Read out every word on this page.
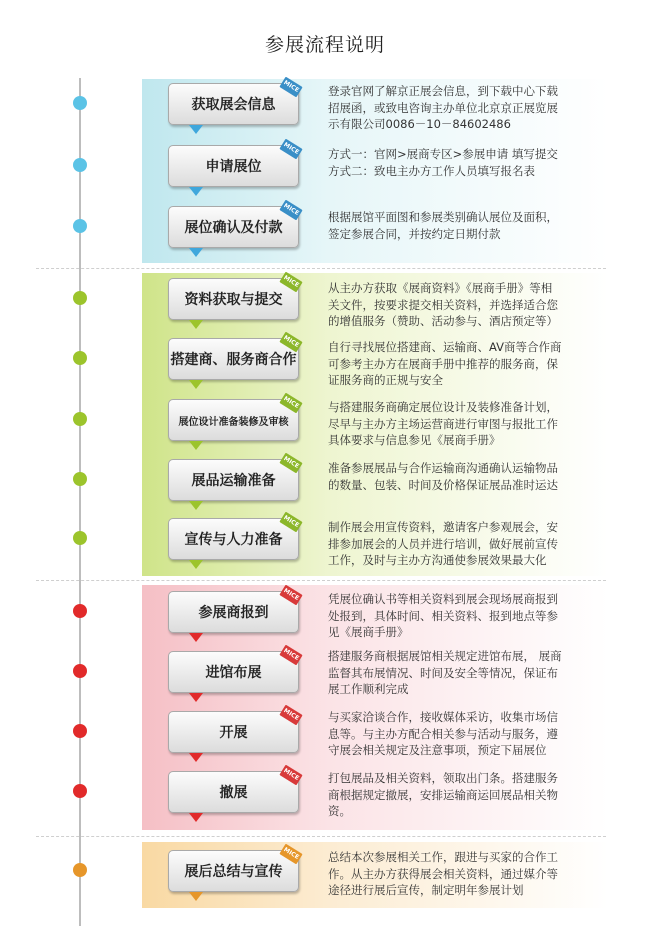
参展流程说明
获取展会信息
MICE 登录官网了解京正展会信息，到下载中心下载
招展函，或致电咨询主办单位北京京正展览展
示有限公司0086－10－84602486
申请展位
MICE 方式一：官网>展商专区>参展申请 填写提交
方式二：致电主办方工作人员填写报名表
展位确认及付款
MICE
根据展馆平面图和参展类别确认展位及面积，
签定参展合同，并按约定日期付款
资料获取与提交
MICE 从主办方获取《展商资料》《展商手册》等相
关文件，按要求提交相关资料，并选择适合您
的增值服务（赞助、活动参与、酒店预定等）
搭建商、服务商合作
MICE 自行寻找展位搭建商、运输商、AV商等合作商
可参考主办方在展商手册中推荐的服务商，保
证服务商的正规与安全
展位设计准备装修及审核
MICE 与搭建服务商确定展位设计及装修准备计划，
尽早与主办方主场运营商进行审图与报批工作
具体要求与信息参见《展商手册》
展品运输准备
MICE 准备参展展品与合作运输商沟通确认运输物品
的数量、包装、时间及价格保证展品准时运达
宣传与人力准备
MICE 制作展会用宣传资料，邀请客户参观展会，安
排参加展会的人员并进行培训，做好展前宣传
工作，及时与主办方沟通使参展效果最大化
参展商报到
MICE 凭展位确认书等相关资料到展会现场展商报到
处报到，具体时间、相关资料、报到地点等参
见《展商手册》
进馆布展
MICE 搭建服务商根据展馆相关规定进馆布展， 展商
监督其布展情况、时间及安全等情况，保证布
展工作顺利完成
开展
MICE 与买家洽谈合作，接收媒体采访，收集市场信
息等。与主办方配合相关参与活动与服务，遵
守展会相关规定及注意事项，预定下届展位
撤展
MICE 打包展品及相关资料，领取出门条。搭建服务
商根据规定撤展，安排运输商运回展品相关物
资。
展后总结与宣传
MICE 总结本次参展相关工作，跟进与买家的合作工
作。从主办方获得展会相关资料，通过媒介等
途径进行展后宣传，制定明年参展计划
